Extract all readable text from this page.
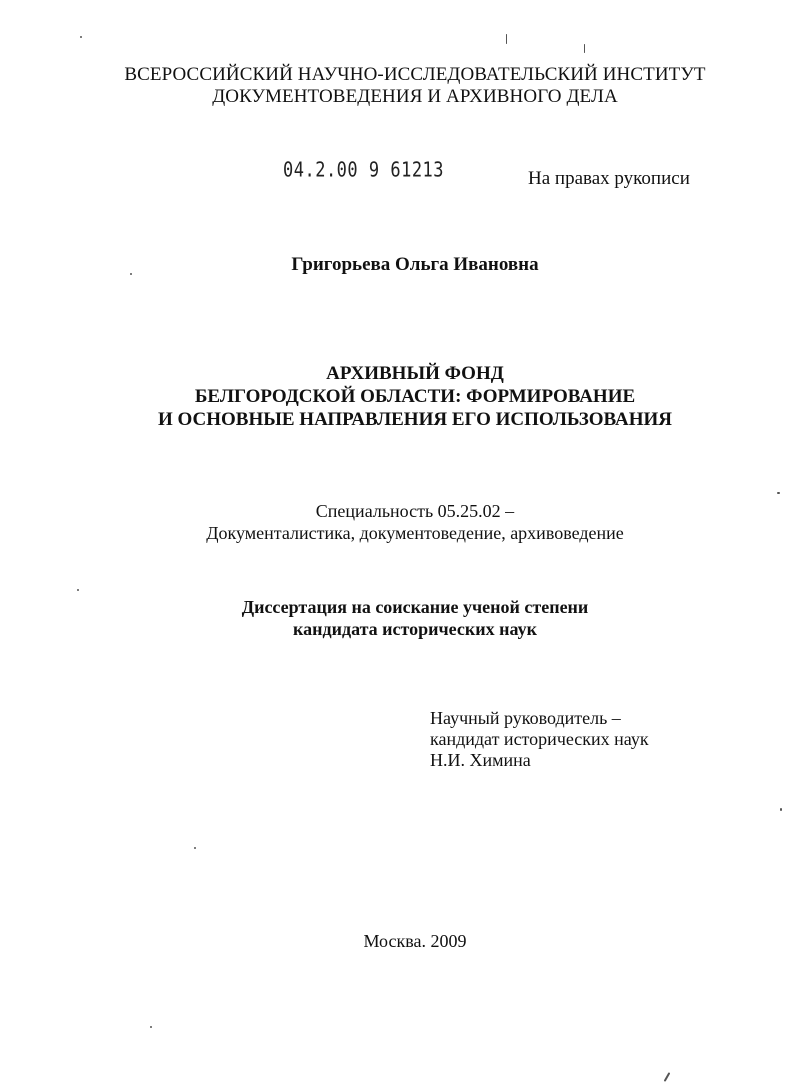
ВСЕРОССИЙСКИЙ НАУЧНО-ИССЛЕДОВАТЕЛЬСКИЙ ИНСТИТУТ
ДОКУМЕНТОВЕДЕНИЯ И АРХИВНОГО ДЕЛА
04.2.00 9 61213	На правах рукописи
Григорьева Ольга Ивановна
АРХИВНЫЙ ФОНД
БЕЛГОРОДСКОЙ ОБЛАСТИ: ФОРМИРОВАНИЕ
И ОСНОВНЫЕ НАПРАВЛЕНИЯ ЕГО ИСПОЛЬЗОВАНИЯ
Специальность 05.25.02 –
Документалистика, документоведение, архивоведение
Диссертация на соискание ученой степени
кандидата исторических наук
Научный руководитель –
кандидат исторических наук
Н.И. Химина
Москва. 2009
